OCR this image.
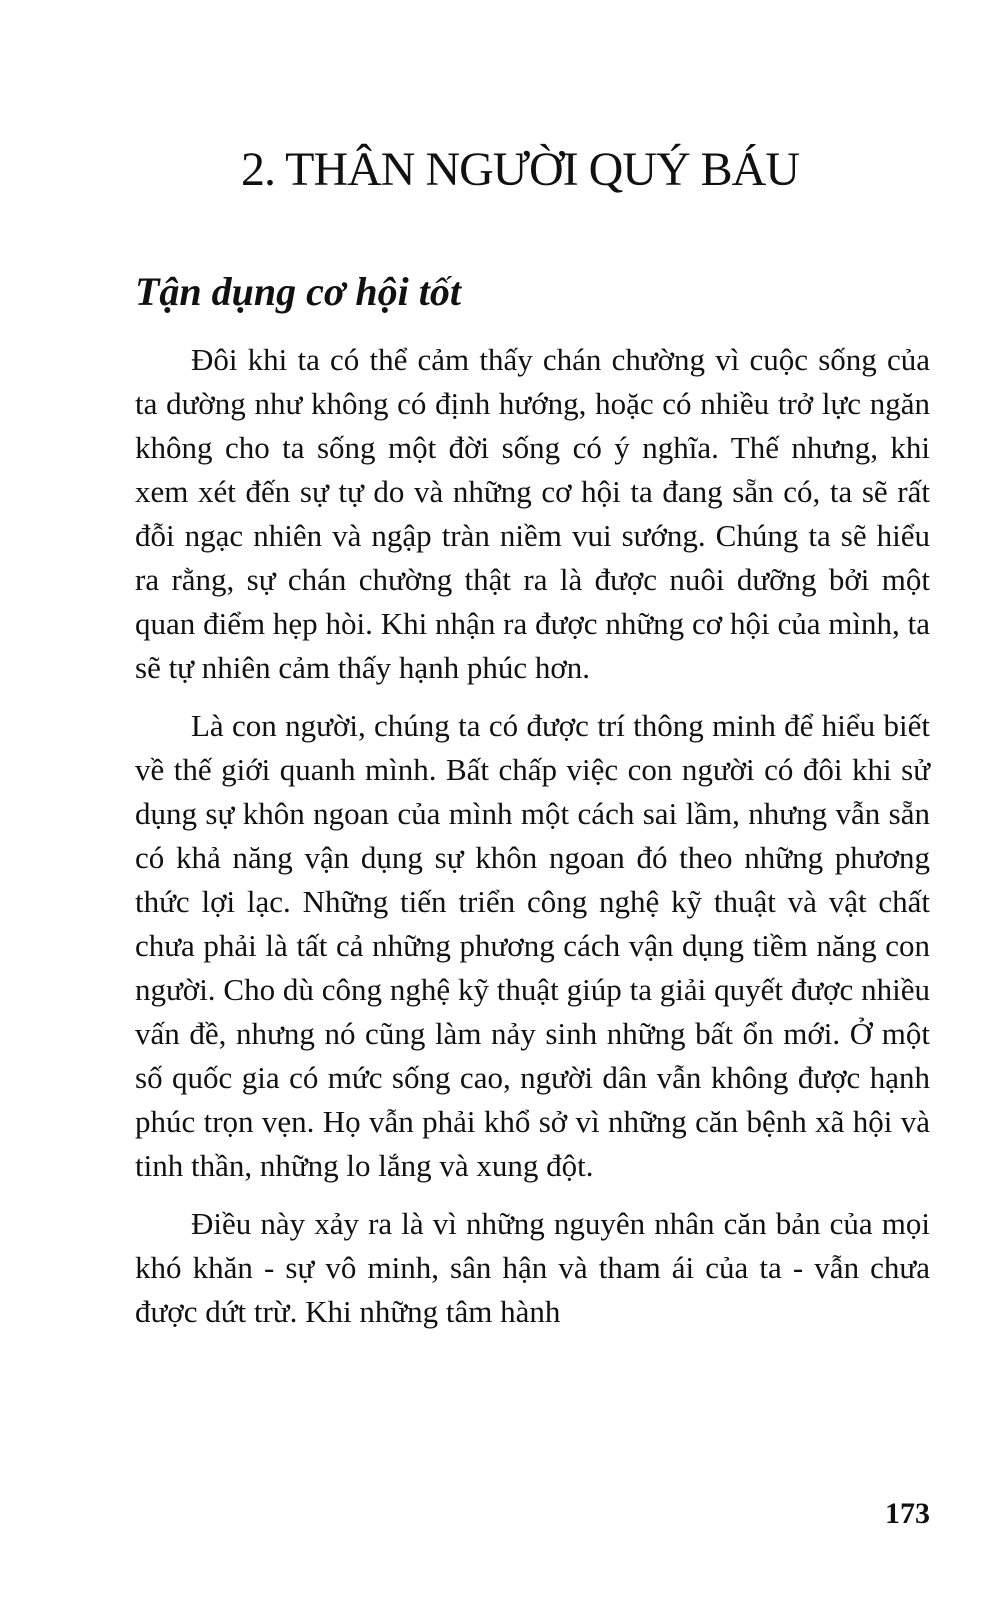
2. THÂN NGƯỜI QUÝ BÁU
Tận dụng cơ hội tốt

Đôi khi ta có thể cảm thấy chán chường vì cuộc sống của ta dường như không có định hướng, hoặc có nhiều trở lực ngăn không cho ta sống một đời sống có ý nghĩa. Thế nhưng, khi xem xét đến sự tự do và những cơ hội ta đang sẵn có, ta sẽ rất đỗi ngạc nhiên và ngập tràn niềm vui sướng. Chúng ta sẽ hiểu ra rằng, sự chán chường thật ra là được nuôi dưỡng bởi một quan điểm hẹp hòi. Khi nhận ra được những cơ hội của mình, ta sẽ tự nhiên cảm thấy hạnh phúc hơn.

Là con người, chúng ta có được trí thông minh để hiểu biết về thế giới quanh mình. Bất chấp việc con người có đôi khi sử dụng sự khôn ngoan của mình một cách sai lầm, nhưng vẫn sẵn có khả năng vận dụng sự khôn ngoan đó theo những phương thức lợi lạc. Những tiến triển công nghệ kỹ thuật và vật chất chưa phải là tất cả những phương cách vận dụng tiềm năng con người. Cho dù công nghệ kỹ thuật giúp ta giải quyết được nhiều vấn đề, nhưng nó cũng làm nảy sinh những bất ổn mới. Ở một số quốc gia có mức sống cao, người dân vẫn không được hạnh phúc trọn vẹn. Họ vẫn phải khổ sở vì những căn bệnh xã hội và tinh thần, những lo lắng và xung đột.

Điều này xảy ra là vì những nguyên nhân căn bản của mọi khó khăn - sự vô minh, sân hận và tham ái của ta - vẫn chưa được dứt trừ. Khi những tâm hành

173
